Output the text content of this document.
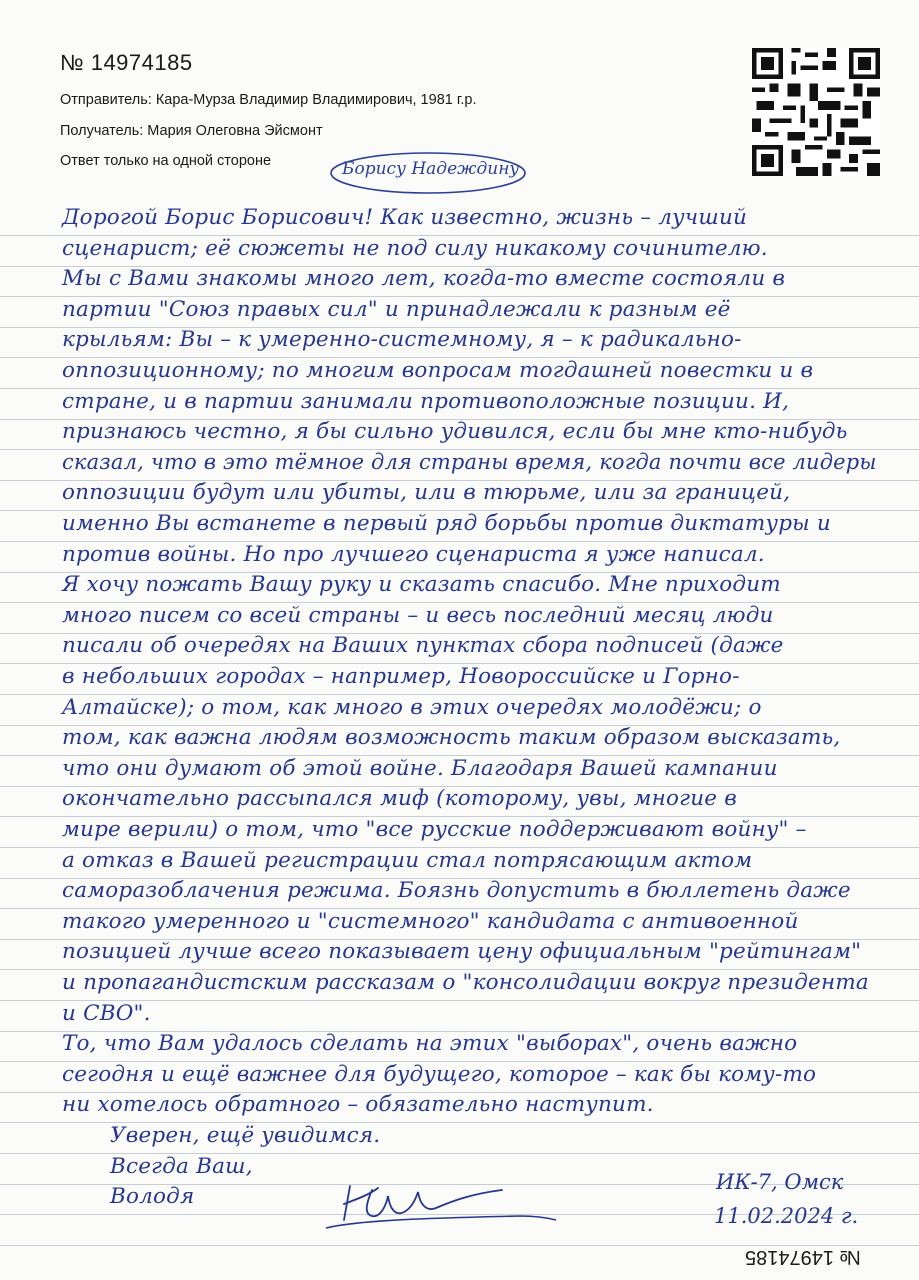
№ 14974185
Отправитель: Кара-Мурза Владимир Владимирович, 1981 г.р.
Получатель: Мария Олеговна Эйсмонт
Ответ только на одной стороне	Борису Надеждину
Дорогой Борис Борисович! Как известно, жизнь – лучший
сценарист; её сюжеты не под силу никакому сочинителю.
Мы с Вами знакомы много лет, когда-то вместе состояли в
партии "Союз правых сил" и принадлежали к разным её
крыльям: Вы – к умеренно-системному, я – к радикально-
оппозиционному; по многим вопросам тогдашней повестки и в
стране, и в партии занимали противоположные позиции. И,
признаюсь честно, я бы сильно удивился, если бы мне кто-нибудь
сказал, что в это тёмное для страны время, когда почти все лидеры
оппозиции будут или убиты, или в тюрьме, или за границей,
именно Вы встанете в первый ряд борьбы против диктатуры и
против войны. Но про лучшего сценариста я уже написал.
Я хочу пожать Вашу руку и сказать спасибо. Мне приходит
много писем со всей страны – и весь последний месяц люди
писали об очередях на Ваших пунктах сбора подписей (даже
в небольших городах – например, Новороссийске и Горно-
Алтайске); о том, как много в этих очередях молодёжи; о
том, как важна людям возможность таким образом высказать,
что они думают об этой войне. Благодаря Вашей кампании
окончательно рассыпался миф (которому, увы, многие в
мире верили) о том, что "все русские поддерживают войну" –
а отказ в Вашей регистрации стал потрясающим актом
саморазоблачения режима. Боязнь допустить в бюллетень даже
такого умеренного и "системного" кандидата с антивоенной
позицией лучше всего показывает цену официальным "рейтингам"
и пропагандистским рассказам о "консолидации вокруг президента
и СВО".
То, что Вам удалось сделать на этих "выборах", очень важно
сегодня и ещё важнее для будущего, которое – как бы кому-то
ни хотелось обратного – обязательно наступит.
Уверен, ещё увидимся.
Всегда Ваш,
Володя
ИК-7, Омск
11.02.2024 г.
№ 14974185
